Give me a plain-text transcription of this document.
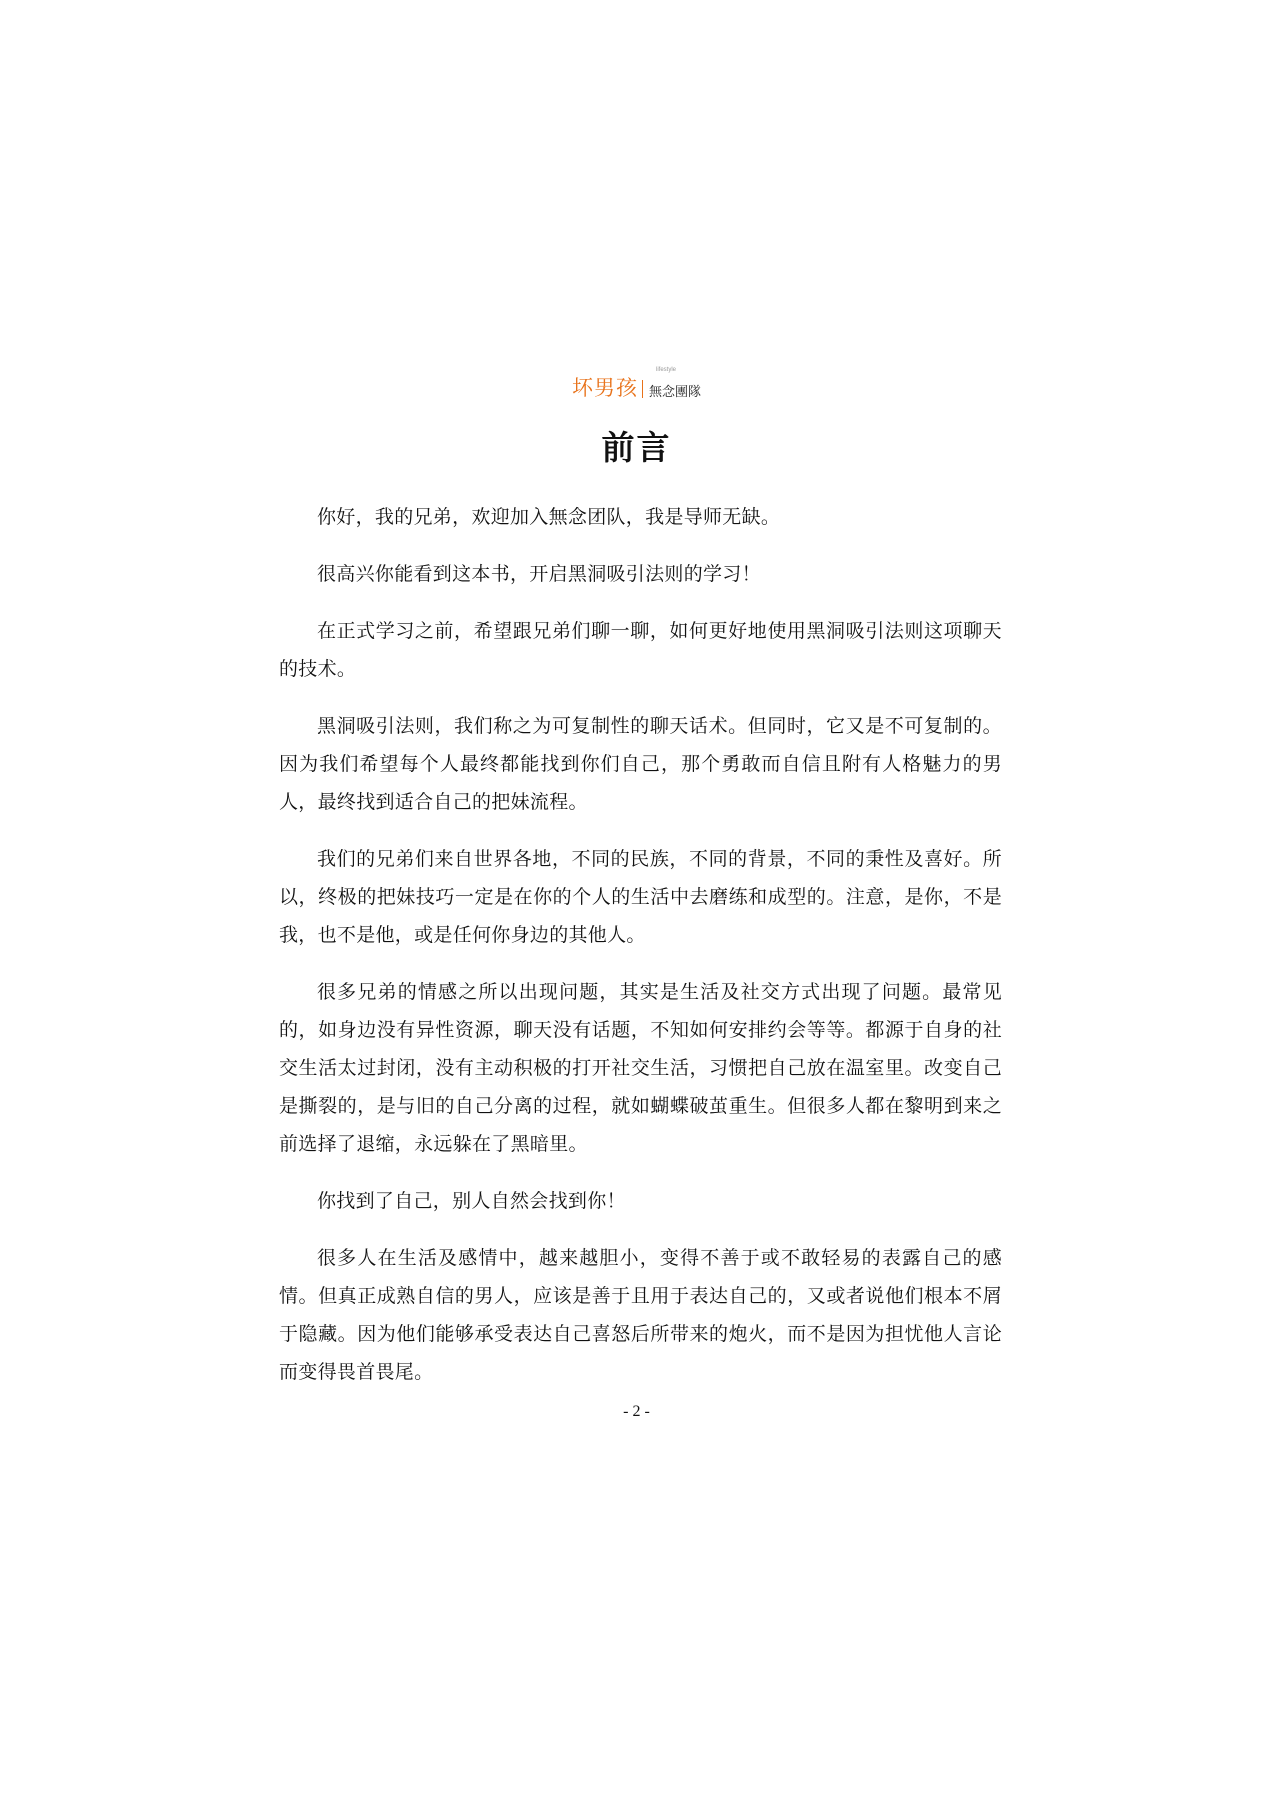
坏男孩
lifestyle
無念團隊
前言

你好，我的兄弟，欢迎加入無念团队，我是导师无缺。

很高兴你能看到这本书，开启黑洞吸引法则的学习！

在正式学习之前，希望跟兄弟们聊一聊，如何更好地使用黑洞吸引法则这项聊天的技术。

黑洞吸引法则，我们称之为可复制性的聊天话术。但同时，它又是不可复制的。因为我们希望每个人最终都能找到你们自己，那个勇敢而自信且附有人格魅力的男人，最终找到适合自己的把妹流程。

我们的兄弟们来自世界各地，不同的民族，不同的背景，不同的秉性及喜好。所以，终极的把妹技巧一定是在你的个人的生活中去磨练和成型的。注意，是你，不是我，也不是他，或是任何你身边的其他人。

很多兄弟的情感之所以出现问题，其实是生活及社交方式出现了问题。最常见的，如身边没有异性资源，聊天没有话题，不知如何安排约会等等。都源于自身的社交生活太过封闭，没有主动积极的打开社交生活，习惯把自己放在温室里。改变自己是撕裂的，是与旧的自己分离的过程，就如蝴蝶破茧重生。但很多人都在黎明到来之前选择了退缩，永远躲在了黑暗里。

你找到了自己，别人自然会找到你！

很多人在生活及感情中，越来越胆小，变得不善于或不敢轻易的表露自己的感情。但真正成熟自信的男人，应该是善于且用于表达自己的，又或者说他们根本不屑于隐藏。因为他们能够承受表达自己喜怒后所带来的炮火，而不是因为担忧他人言论而变得畏首畏尾。

- 2 -
